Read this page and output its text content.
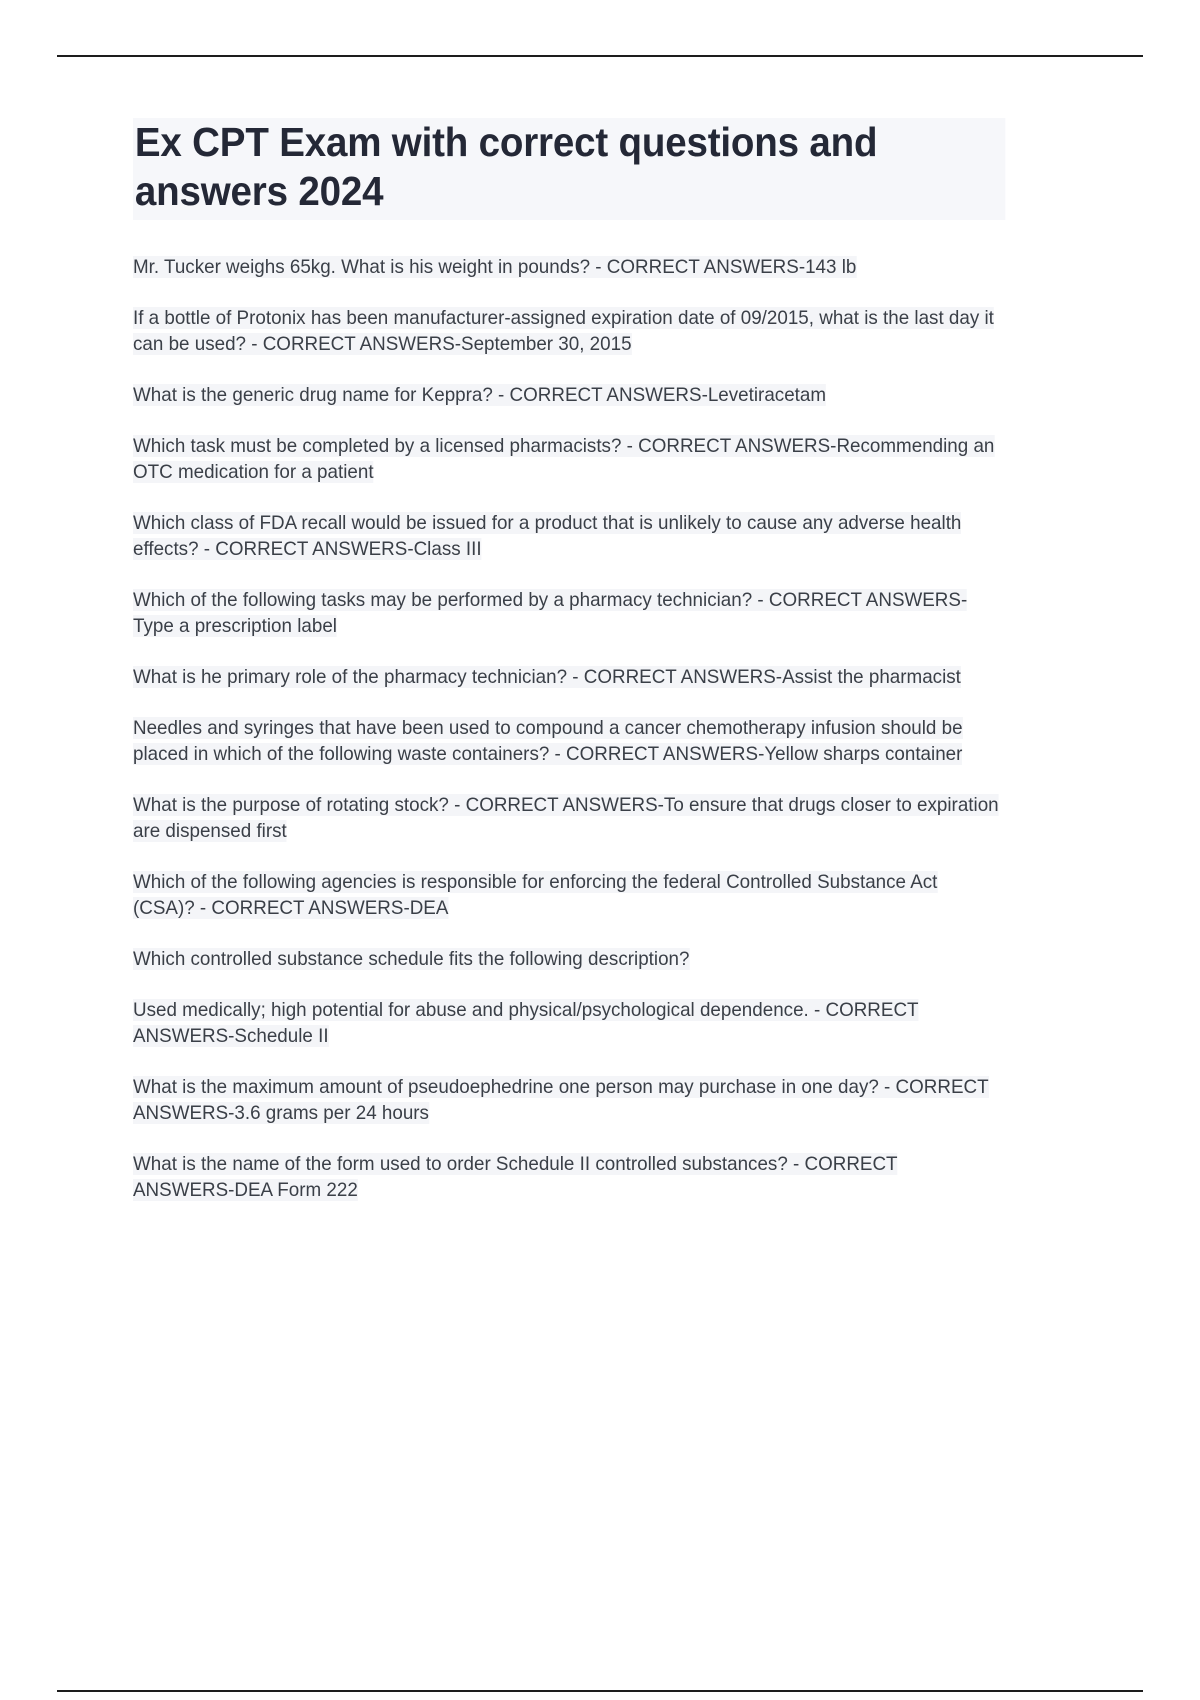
Ex CPT Exam with correct questions and answers 2024

Mr. Tucker weighs 65kg. What is his weight in pounds? - CORRECT ANSWERS-143 lb

If a bottle of Protonix has been manufacturer-assigned expiration date of 09/2015, what is the last day it can be used? - CORRECT ANSWERS-September 30, 2015

What is the generic drug name for Keppra? - CORRECT ANSWERS-Levetiracetam

Which task must be completed by a licensed pharmacists? - CORRECT ANSWERS-Recommending an OTC medication for a patient

Which class of FDA recall would be issued for a product that is unlikely to cause any adverse health effects? - CORRECT ANSWERS-Class III

Which of the following tasks may be performed by a pharmacy technician? - CORRECT ANSWERS-Type a prescription label

What is he primary role of the pharmacy technician? - CORRECT ANSWERS-Assist the pharmacist

Needles and syringes that have been used to compound a cancer chemotherapy infusion should be placed in which of the following waste containers? - CORRECT ANSWERS-Yellow sharps container

What is the purpose of rotating stock? - CORRECT ANSWERS-To ensure that drugs closer to expiration are dispensed first

Which of the following agencies is responsible for enforcing the federal Controlled Substance Act (CSA)? - CORRECT ANSWERS-DEA

Which controlled substance schedule fits the following description?

Used medically; high potential for abuse and physical/psychological dependence. - CORRECT ANSWERS-Schedule II

What is the maximum amount of pseudoephedrine one person may purchase in one day? - CORRECT ANSWERS-3.6 grams per 24 hours

What is the name of the form used to order Schedule II controlled substances? - CORRECT ANSWERS-DEA Form 222
